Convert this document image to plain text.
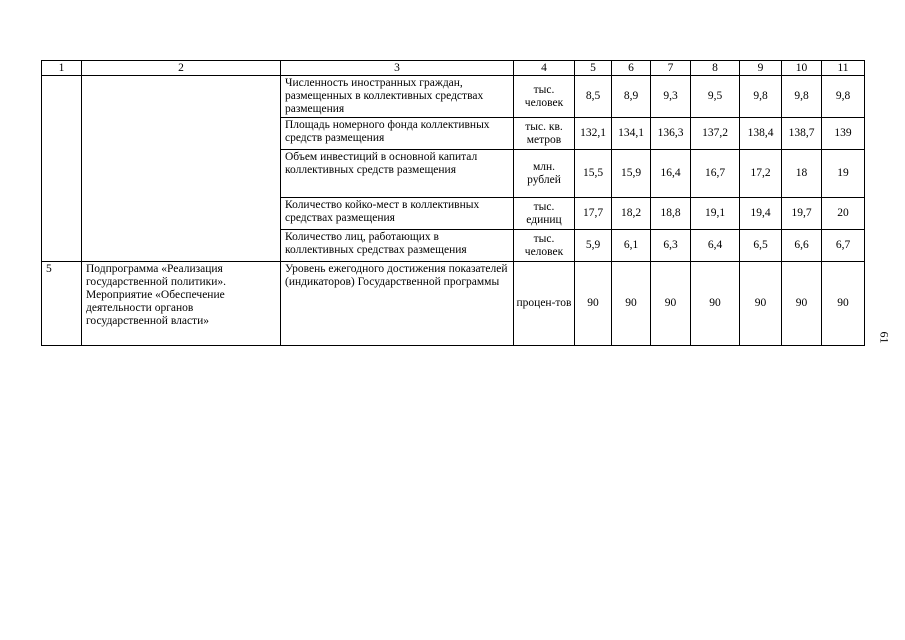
1	2	3	4	5	6	7	8	9	10	11
		Численность иностранных граждан, размещенных в коллективных средствах размещения	тыс. человек	8,5	8,9	9,3	9,5	9,8	9,8	9,8
		Площадь номерного фонда коллективных средств размещения	тыс. кв. метров	132,1	134,1	136,3	137,2	138,4	138,7	139
		Объем инвестиций в основной капитал коллективных средств размещения	млн. рублей	15,5	15,9	16,4	16,7	17,2	18	19
		Количество койко-мест в коллективных средствах размещения	тыс. единиц	17,7	18,2	18,8	19,1	19,4	19,7	20
		Количество лиц, работающих в коллективных средствах размещения	тыс. человек	5,9	6,1	6,3	6,4	6,5	6,6	6,7
5	Подпрограмма «Реализация государственной политики». Мероприятие «Обеспечение деятельности органов государственной власти»	Уровень ежегодного достижения показателей (индикаторов) Государственной программы	процен-тов	90	90	90	90	90	90	90
61
